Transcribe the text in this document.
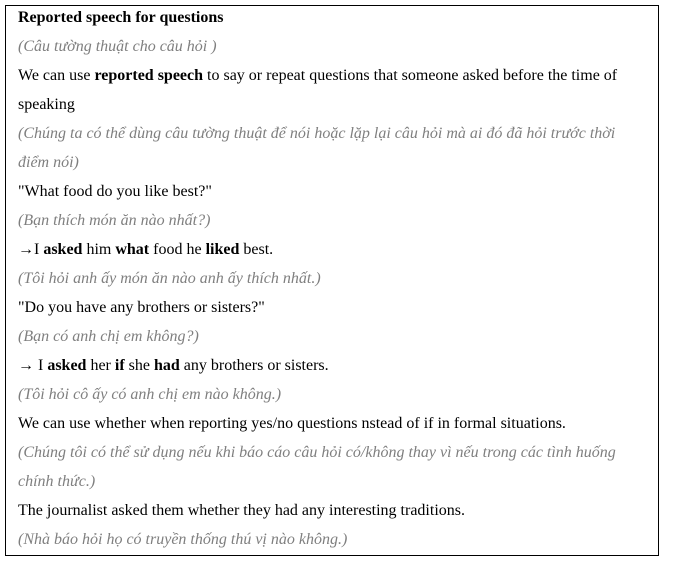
Reported speech for questions
(Câu tường thuật cho câu hỏi )
We can use reported speech to say or repeat questions that someone asked before the time of
speaking
(Chúng ta có thể dùng câu tường thuật để nói hoặc lặp lại câu hỏi mà ai đó đã hỏi trước thời
điểm nói)
"What food do you like best?"
(Bạn thích món ăn nào nhất?)
→I asked him what food he liked best.
(Tôi hỏi anh ấy món ăn nào anh ấy thích nhất.)
"Do you have any brothers or sisters?"
(Bạn có anh chị em không?)
→ I asked her if she had any brothers or sisters.
(Tôi hỏi cô ấy có anh chị em nào không.)
We can use whether when reporting yes/no questions nstead of if in formal situations.
(Chúng tôi có thể sử dụng nếu khi báo cáo câu hỏi có/không thay vì nếu trong các tình huống
chính thức.)
The journalist asked them whether they had any interesting traditions.
(Nhà báo hỏi họ có truyền thống thú vị nào không.)
